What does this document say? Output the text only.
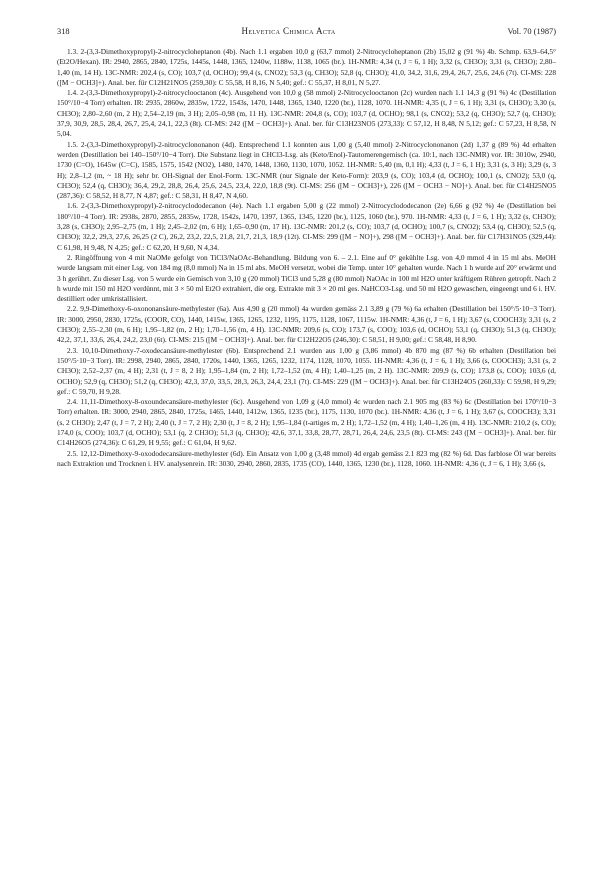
318	Helvetica Chimica Acta	Vol. 70 (1987)

1.3. 2-(3,3-Dimethoxypropyl)-2-nitrocycloheptanon (4b). Nach 1.1 ergaben 10,0 g (63,7 mmol) 2-Nitrocycloheptanon (2b) 15,02 g (91 %) 4b. Schmp. 63,9–64,5° (Et2O/Hexan). IR: 2940, 2865, 2840, 1725s, 1445s, 1448, 1365, 1240w, 1188w, 1138, 1065 (br.). 1H-NMR: 4,34 (t, J = 6, 1 H); 3,32 (s, CH3O); 3,31 (s, CH3O); 2,80–1,40 (m, 14 H). 13C-NMR: 202,4 (s, CO); 103,7 (d, OCHO); 99,4 (s, CNO2); 53,3 (q, CH3O); 52,8 (q, CH3O); 41,0, 34,2, 31,6, 29,4, 26,7, 25,6, 24,6 (7t). CI-MS: 228 ([M − OCH3]+). Anal. ber. für C12H21NO5 (259,30): C 55,58, H 8,16, N 5,40; gef.: C 55,37, H 8,01, N 5,27.

1.4. 2-(3,3-Dimethoxypropyl)-2-nitrocyclooctanon (4c). Ausgehend von 10,0 g (58 mmol) 2-Nitrocyclooctanon (2c) wurden nach 1.1 14,3 g (91 %) 4c (Destillation 150°/10−4 Torr) erhalten. IR: 2935, 2860w, 2835w, 1722, 1543s, 1470, 1448, 1365, 1340, 1220 (br.), 1128, 1070. 1H-NMR: 4,35 (t, J = 6, 1 H); 3,31 (s, CH3O); 3,30 (s, CH3O); 2,80–2,60 (m, 2 H); 2,54–2,19 (m, 3 H); 2,05–0,98 (m, 11 H). 13C-NMR: 204,8 (s, CO); 103,7 (d, OCHO); 98,1 (s, CNO2); 53,2 (q, CH3O); 52,7 (q, CH3O); 37,9, 30,9, 28,5, 28,4, 26,7, 25,4, 24,1, 22,3 (8t). CI-MS: 242 ([M − OCH3]+). Anal. ber. für C13H23NO5 (273,33): C 57,12, H 8,48, N 5,12; gef.: C 57,23, H 8,58, N 5,04.

1.5. 2-(3,3-Dimethoxypropyl)-2-nitrocyclononanon (4d). Entsprechend 1.1 konnten aus 1,00 g (5,40 mmol) 2-Nitrocyclononanon (2d) 1,37 g (89 %) 4d erhalten werden (Destillation bei 140–150°/10−4 Torr). Die Substanz liegt in CHCl3-Lsg. als (Keto/Enol)-Tautomerengemisch (ca. 10:1, nach 13C-NMR) vor. IR: 3010w, 2940, 1730 (C=O), 1645w (C=C), 1585, 1575, 1542 (NO2), 1480, 1470, 1448, 1360, 1130, 1070, 1052. 1H-NMR: 5,40 (m, 0,1 H); 4,33 (t, J = 6, 1 H); 3,31 (s, 3 H); 3,29 (s, 3 H); 2,8–1,2 (m, ~ 18 H); sehr br. OH-Signal der Enol-Form. 13C-NMR (nur Signale der Keto-Form): 203,9 (s, CO); 103,4 (d, OCHO); 100,1 (s, CNO2); 53,0 (q, CH3O); 52,4 (q, CH3O); 36,4, 29,2, 28,8, 26,4, 25,6, 24,5, 23,4, 22,0, 18,8 (9t). CI-MS: 256 ([M − OCH3]+), 226 ([M − OCH3 − NO]+). Anal. ber. für C14H25NO5 (287,36): C 58,52, H 8,77, N 4,87; gef.: C 58,31, H 8,47, N 4,60.

1.6. 2-(3,3-Dimethoxypropyl)-2-nitrocyclododecanon (4e). Nach 1.1 ergaben 5,00 g (22 mmol) 2-Nitrocyclododecanon (2e) 6,66 g (92 %) 4e (Destillation bei 180°/10−4 Torr). IR: 2938s, 2870, 2855, 2835w, 1728, 1542s, 1470, 1397, 1365, 1345, 1220 (br.), 1125, 1060 (br.), 970. 1H-NMR: 4,33 (t, J = 6, 1 H); 3,32 (s, CH3O); 3,28 (s, CH3O); 2,95–2,75 (m, 1 H); 2,45–2,02 (m, 6 H); 1,65–0,90 (m, 17 H). 13C-NMR: 201,2 (s, CO); 103,7 (d, OCHO); 100,7 (s, CNO2); 53,4 (q, CH3O); 52,5 (q, CH3O); 32,2, 29,3, 27,6, 26,25 (2 C), 26,2, 23,2, 22,5, 21,8, 21,7, 21,3, 18,9 (12t). CI-MS: 299 ([M − NO]+), 298 ([M − OCH3]+). Anal. ber. für C17H31NO5 (329,44): C 61,98, H 9,48, N 4,25; gef.: C 62,20, H 9,60, N 4,34.

2. Ringöffnung von 4 mit NaOMe gefolgt von TiCl3/NaOAc-Behandlung. Bildung von 6. – 2.1. Eine auf 0° gekühlte Lsg. von 4,0 mmol 4 in 15 ml abs. MeOH wurde langsam mit einer Lsg. von 184 mg (8,0 mmol) Na in 15 ml abs. MeOH versetzt, wobei die Temp. unter 10° gehalten wurde. Nach 1 h wurde auf 20° erwärmt und 3 h gerührt. Zu dieser Lsg. von 5 wurde ein Gemisch von 3,10 g (20 mmol) TiCl3 und 5,28 g (80 mmol) NaOAc in 100 ml H2O unter kräftigem Rühren getropft. Nach 2 h wurde mit 150 ml H2O verdünnt, mit 3 × 50 ml Et2O extrahiert, die org. Extrakte mit 3 × 20 ml ges. NaHCO3-Lsg. und 50 ml H2O gewaschen, eingeengt und 6 i. HV. destilliert oder umkristallisiert.

2.2. 9,9-Dimethoxy-6-oxononansäure-methylester (6a). Aus 4,90 g (20 mmol) 4a wurden gemäss 2.1 3,89 g (79 %) 6a erhalten (Destillation bei 150°/5·10−3 Torr). IR: 3000, 2950, 2830, 1725s, (COOR, CO), 1440, 1415w, 1365, 1265, 1232, 1195, 1175, 1128, 1067, 1115w. 1H-NMR: 4,36 (t, J = 6, 1 H); 3,67 (s, COOCH3); 3,31 (s, 2 CH3O); 2,55–2,30 (m, 6 H); 1,95–1,82 (m, 2 H); 1,70–1,56 (m, 4 H). 13C-NMR: 209,6 (s, CO); 173,7 (s, COO); 103,6 (d, OCHO); 53,1 (q, CH3O); 51,3 (q, CH3O); 42,2, 37,1, 33,6, 26,4, 24,2, 23,0 (6t). CI-MS: 215 ([M − OCH3]+). Anal. ber. für C12H22O5 (246,30): C 58,51, H 9,00; gef.: C 58,48, H 8,90.

2.3. 10,10-Dimethoxy-7-oxodecansäure-methylester (6b). Entsprechend 2.1 wurden aus 1,00 g (3,86 mmol) 4b 870 mg (87 %) 6b erhalten (Destillation bei 150°/5·10−3 Torr). IR: 2998, 2940, 2865, 2840, 1720s, 1440, 1365, 1265, 1232, 1174, 1128, 1070, 1055. 1H-NMR: 4,36 (t, J = 6, 1 H); 3,66 (s, COOCH3); 3,31 (s, 2 CH3O); 2,52–2,37 (m, 4 H); 2,31 (t, J = 8, 2 H); 1,95–1,84 (m, 2 H); 1,72–1,52 (m, 4 H); 1,40–1,25 (m, 2 H). 13C-NMR: 209,9 (s, CO); 173,8 (s, COO); 103,6 (d, OCHO); 52,9 (q, CH3O); 51,2 (q, CH3O); 42,3, 37,0, 33,5, 28,3, 26,3, 24,4, 23,1 (7t). CI-MS: 229 ([M − OCH3]+). Anal. ber. für C13H24O5 (260,33): C 59,98, H 9,29; gef.: C 59,70, H 9,28.

2.4. 11,11-Dimethoxy-8-oxoundecansäure-methylester (6c). Ausgehend von 1,09 g (4,0 mmol) 4c wurden nach 2.1 905 mg (83 %) 6c (Destillation bei 170°/10−3 Torr) erhalten. IR: 3000, 2940, 2865, 2840, 1725s, 1465, 1440, 1412w, 1365, 1235 (br.), 1175, 1130, 1070 (br.). 1H-NMR: 4,36 (t, J = 6, 1 H); 3,67 (s, COOCH3); 3,31 (s, 2 CH3O); 2,47 (t, J = 7, 2 H); 2,40 (t, J = 7, 2 H); 2,30 (t, J = 8, 2 H); 1,95–1,84 (t-artiges m, 2 H); 1,72–1,52 (m, 4 H); 1,40–1,26 (m, 4 H). 13C-NMR: 210,2 (s, CO); 174,0 (s, COO); 103,7 (d, OCHO); 53,1 (q, 2 CH3O); 51,3 (q, CH3O); 42,6, 37,1, 33,8, 28,77, 28,71, 26,4, 24,6, 23,5 (8t). CI-MS: 243 ([M − OCH3]+). Anal. ber. für C14H26O5 (274,36): C 61,29, H 9,55; gef.: C 61,04, H 9,62.

2.5. 12,12-Dimethoxy-9-oxododecansäure-methylester (6d). Ein Ansatz von 1,00 g (3,48 mmol) 4d ergab gemäss 2.1 823 mg (82 %) 6d. Das farblose Öl war bereits nach Extraktion und Trocknen i. HV. analysenrein. IR: 3030, 2940, 2860, 2835, 1735 (CO), 1440, 1365, 1230 (br.), 1128, 1060. 1H-NMR: 4,36 (t, J = 6, 1 H); 3,66 (s,
